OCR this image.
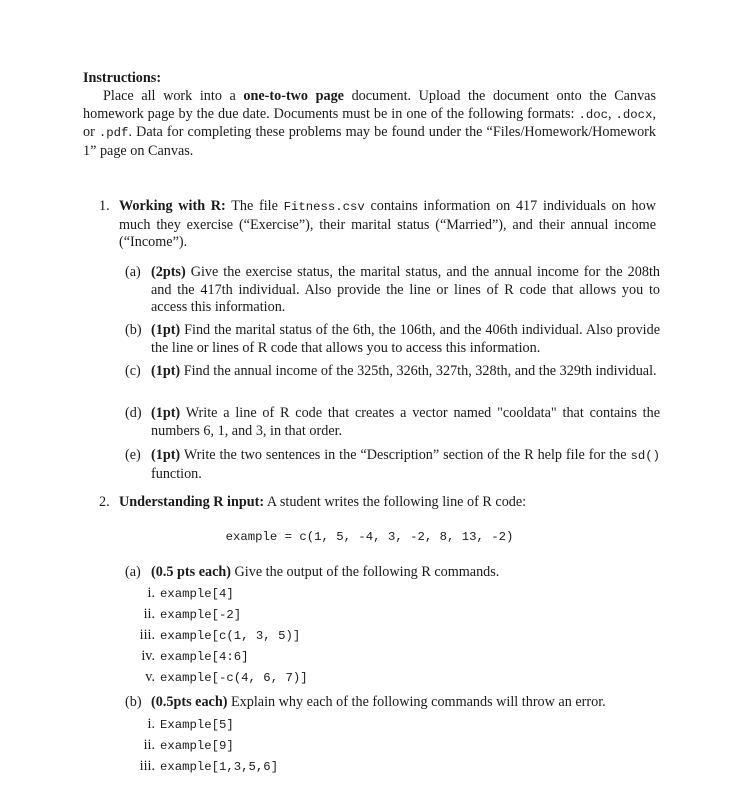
Instructions:
Place all work into a one-to-two page document. Upload the document onto the Canvas homework page by the due date. Documents must be in one of the following formats: .doc, .docx, or .pdf. Data for completing these problems may be found under the “Files/Homework/Homework 1” page on Canvas.
1. Working with R: The file Fitness.csv contains information on 417 individuals on how much they exercise (“Exercise”), their marital status (“Married”), and their annual income (“Income”).
(a) (2pts) Give the exercise status, the marital status, and the annual income for the 208th and the 417th individual. Also provide the line or lines of R code that allows you to access this information.
(b) (1pt) Find the marital status of the 6th, the 106th, and the 406th individual. Also provide the line or lines of R code that allows you to access this information.
(c) (1pt) Find the annual income of the 325th, 326th, 327th, 328th, and the 329th individual.
(d) (1pt) Write a line of R code that creates a vector named "cooldata" that contains the numbers 6, 1, and 3, in that order.
(e) (1pt) Write the two sentences in the “Description” section of the R help file for the sd() function.
2. Understanding R input: A student writes the following line of R code:
example = c(1, 5, -4, 3, -2, 8, 13, -2)
(a) (0.5 pts each) Give the output of the following R commands.
i. example[4]
ii. example[-2]
iii. example[c(1, 3, 5)]
iv. example[4:6]
v. example[-c(4, 6, 7)]
(b) (0.5pts each) Explain why each of the following commands will throw an error.
i. Example[5]
ii. example[9]
iii. example[1,3,5,6]
